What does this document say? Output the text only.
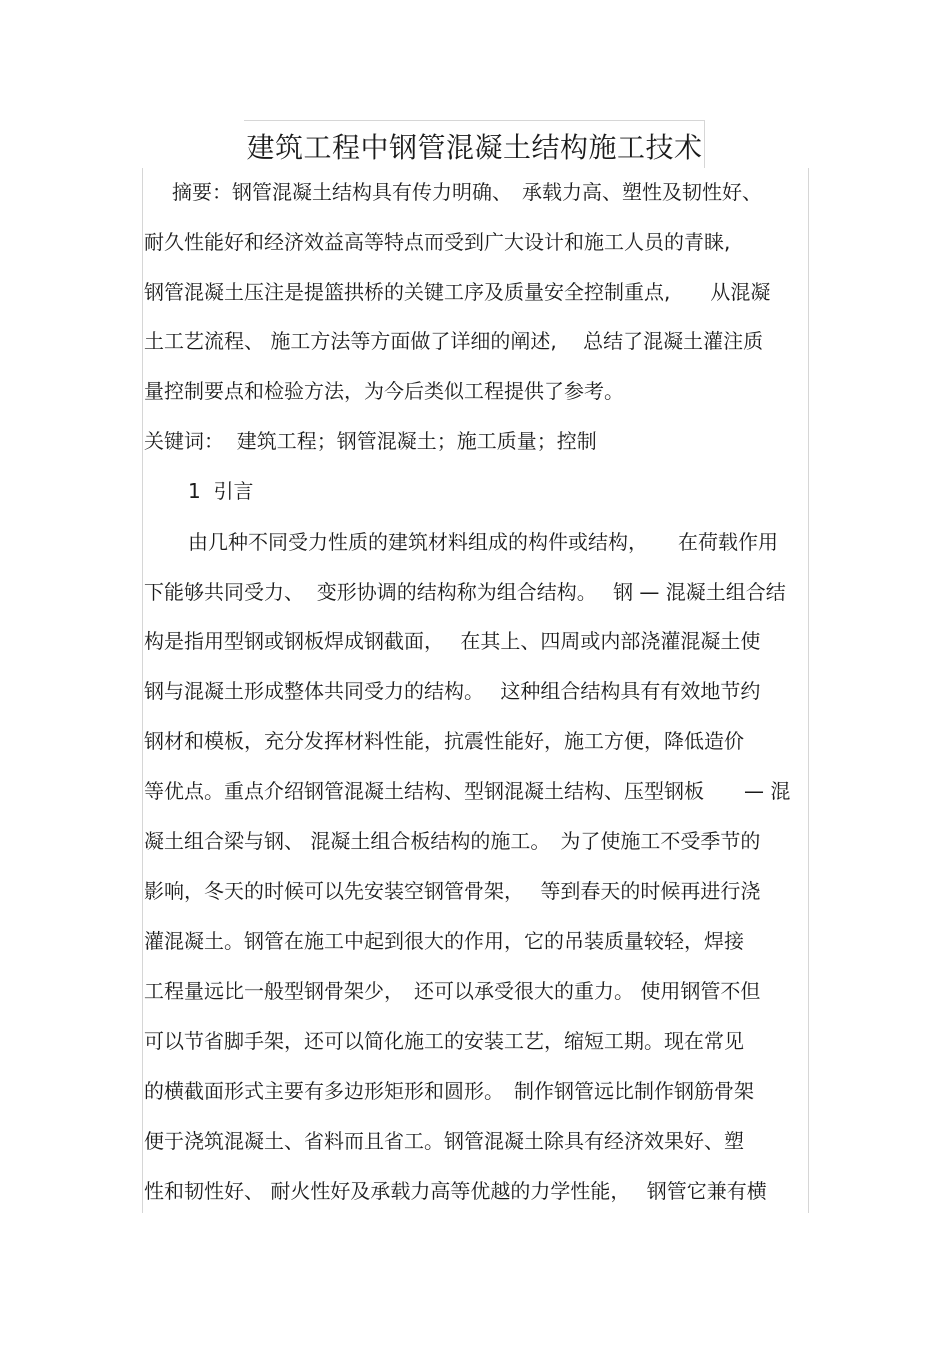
建筑工程中钢管混凝土结构施工技术
摘要：钢管混凝土结构具有传力明确、　承载力高、塑性及韧性好、
耐久性能好和经济效益高等特点而受到广大设计和施工人员的青睐,
钢管混凝土压注是提篮拱桥的关键工序及质量安全控制重点,　　从混凝
土工艺流程、 施工方法等方面做了详细的阐述,　 总结了混凝土灌注质
量控制要点和检验方法，为今后类似工程提供了参考。
关键词：  建筑工程；钢管混凝土；施工质量；控制
1  引言
由几种不同受力性质的建筑材料组成的构件或结构，　　在荷载作用
下能够共同受力、  变形协调的结构称为组合结构。　 钢 — 混凝土组合结
构是指用型钢或钢板焊成钢截面，　 在其上、四周或内部浇灌混凝土使
钢与混凝土形成整体共同受力的结构。　 这种组合结构具有有效地节约
钢材和模板，充分发挥材料性能，抗震性能好，施工方便，降低造价
等优点。重点介绍钢管混凝土结构、型钢混凝土结构、压型钢板　　— 混
凝土组合梁与钢、 混凝土组合板结构的施工。　为了使施工不受季节的
影响，冬天的时候可以先安装空钢管骨架，　 等到春天的时候再进行浇
灌混凝土。钢管在施工中起到很大的作用，它的吊装质量较轻，焊接
工程量远比一般型钢骨架少，　还可以承受很大的重力。 使用钢管不但
可以节省脚手架，还可以简化施工的安装工艺，缩短工期。现在常见
的横截面形式主要有多边形矩形和圆形。　制作钢管远比制作钢筋骨架
便于浇筑混凝土、省料而且省工。钢管混凝土除具有经济效果好、塑
性和韧性好、 耐火性好及承载力高等优越的力学性能，　 钢管它兼有横
